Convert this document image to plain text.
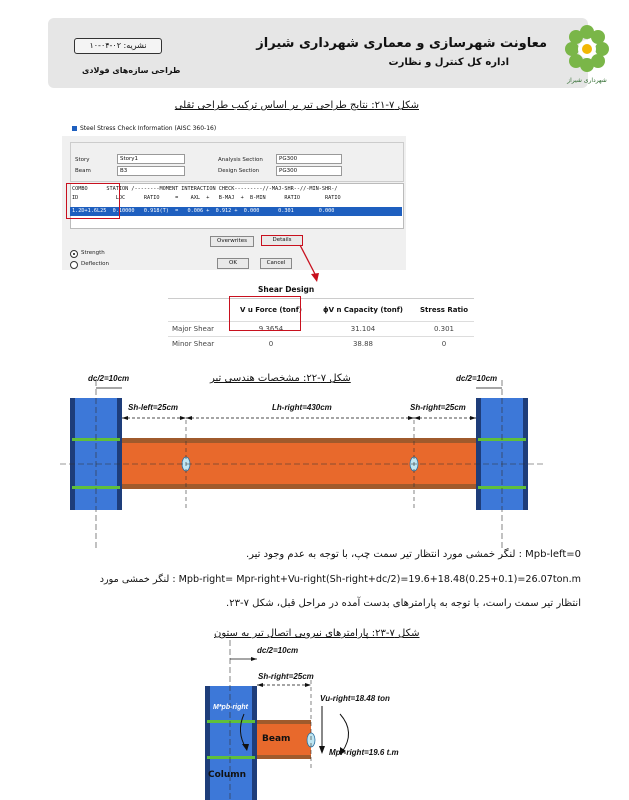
معاونت شهرسازی و معماری شهرداری شیراز
اداره کل کنترل و نظارت
نشریه: ۰۲-۰۴-۱۰
طراحی سازه‌های فولادی
شهرداری شیراز
شکل ۷-۲۱: نتایج طراحی تیر بر اساس ترکیب طراحی ثقلی
Steel Stress Check Information (AISC 360-16)
Story	Story1
Beam	B3
Analysis Section	PG300
Design Section	PG300
COMBO      STATION /--------MOMENT INTERACTION CHECK---------//-MAJ-SHR--//-MIN-SHR-/
ID            LOC      RATIO     =    AXL  +   B-MAJ  +  B-MIN      RATIO        RATIO
1.2D+1.6L25  0.10000   0.918(T)  =   0.006 +  0.912 +  0.000      0.301        0.000
Overwrites	Details
OK	Cancel
Strength
Deflection
Shear Design
	V u Force (tonf)	ϕV n Capacity (tonf)	Stress Ratio
Major Shear	9.3654	31.104	0.301
Minor Shear	0	38.88	0
شکل ۷-۲۲: مشخصات هندسی تیر
dc/2=10cm	dc/2=10cm
Sh-left=25cm	Lh-right=430cm	Sh-right=25cm
Mpb-left=0 : لنگر خمشی مورد انتظار تیر سمت چپ، با توجه به عدم وجود تیر.
Mpb-right= Mpr-right+Vu-right(Sh-right+dc/2)=19.6+18.48(0.25+0.1)=26.07ton.m : لنگر خمشی مورد
انتظار تیر سمت راست، با توجه به پارامترهای بدست آمده در مراحل قبل، شکل ۷-۲۳.
شکل ۷-۲۳: پارامترهای نیرویی اتصال تیر به ستون
dc/2=10cm
Sh-right=25cm
Vu-right=18.48 ton
Mpr-right=19.6 t.m
M*pb-right
Beam
Column
